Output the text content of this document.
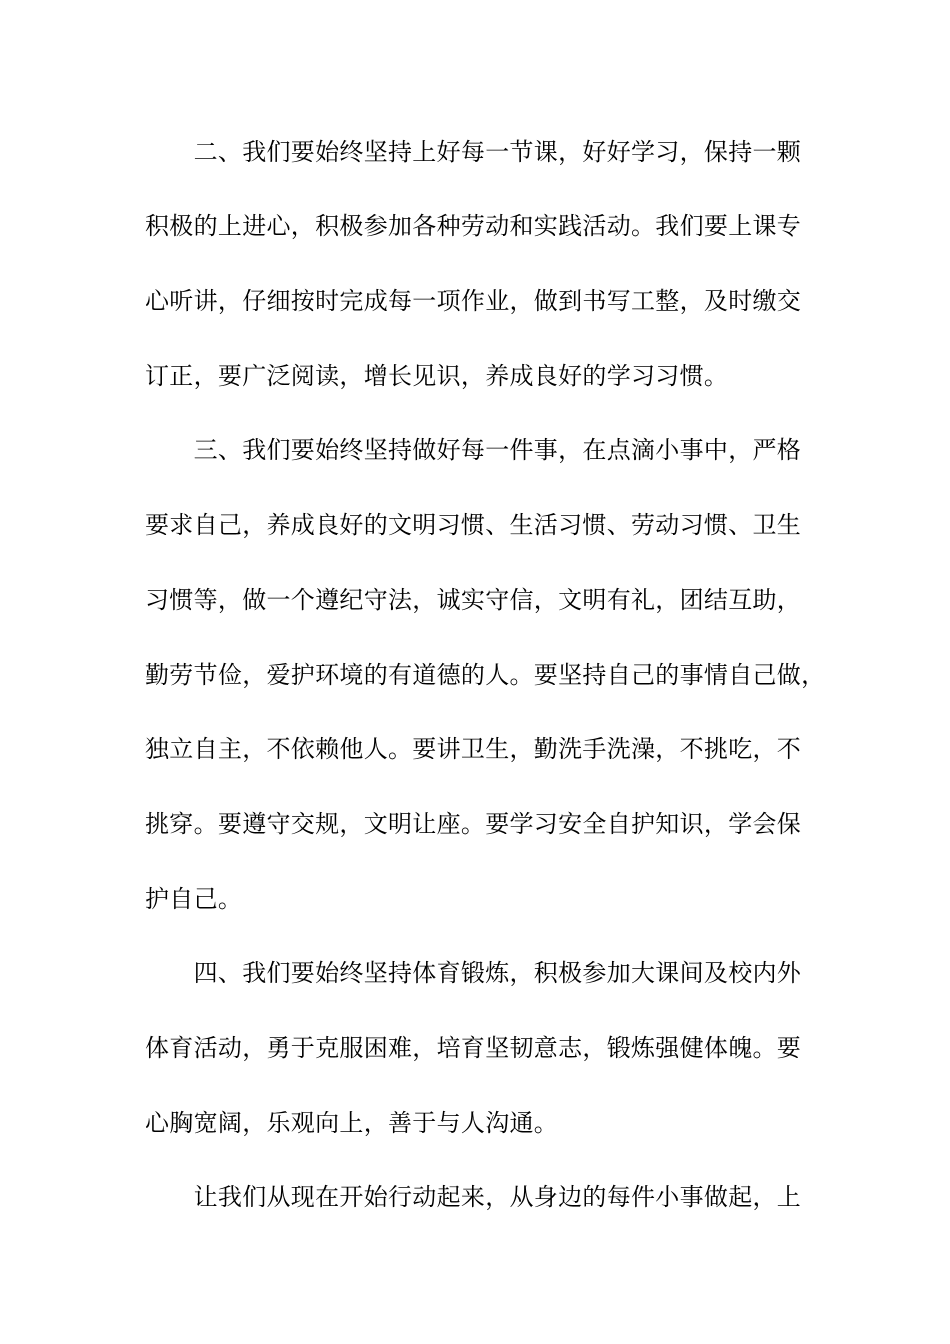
　　二、我们要始终坚持上好每一节课，好好学习，保持一颗
积极的上进心，积极参加各种劳动和实践活动。我们要上课专
心听讲，仔细按时完成每一项作业，做到书写工整，及时缴交
订正，要广泛阅读，增长见识，养成良好的学习习惯。
　　三、我们要始终坚持做好每一件事，在点滴小事中，严格
要求自己，养成良好的文明习惯、生活习惯、劳动习惯、卫生
习惯等，做一个遵纪守法，诚实守信，文明有礼，团结互助，
勤劳节俭，爱护环境的有道德的人。要坚持自己的事情自己做，
独立自主，不依赖他人。要讲卫生，勤洗手洗澡，不挑吃，不
挑穿。要遵守交规，文明让座。要学习安全自护知识，学会保
护自己。
　　四、我们要始终坚持体育锻炼，积极参加大课间及校内外
体育活动，勇于克服困难，培育坚韧意志，锻炼强健体魄。要
心胸宽阔，乐观向上，善于与人沟通。
　　让我们从现在开始行动起来，从身边的每件小事做起，上
